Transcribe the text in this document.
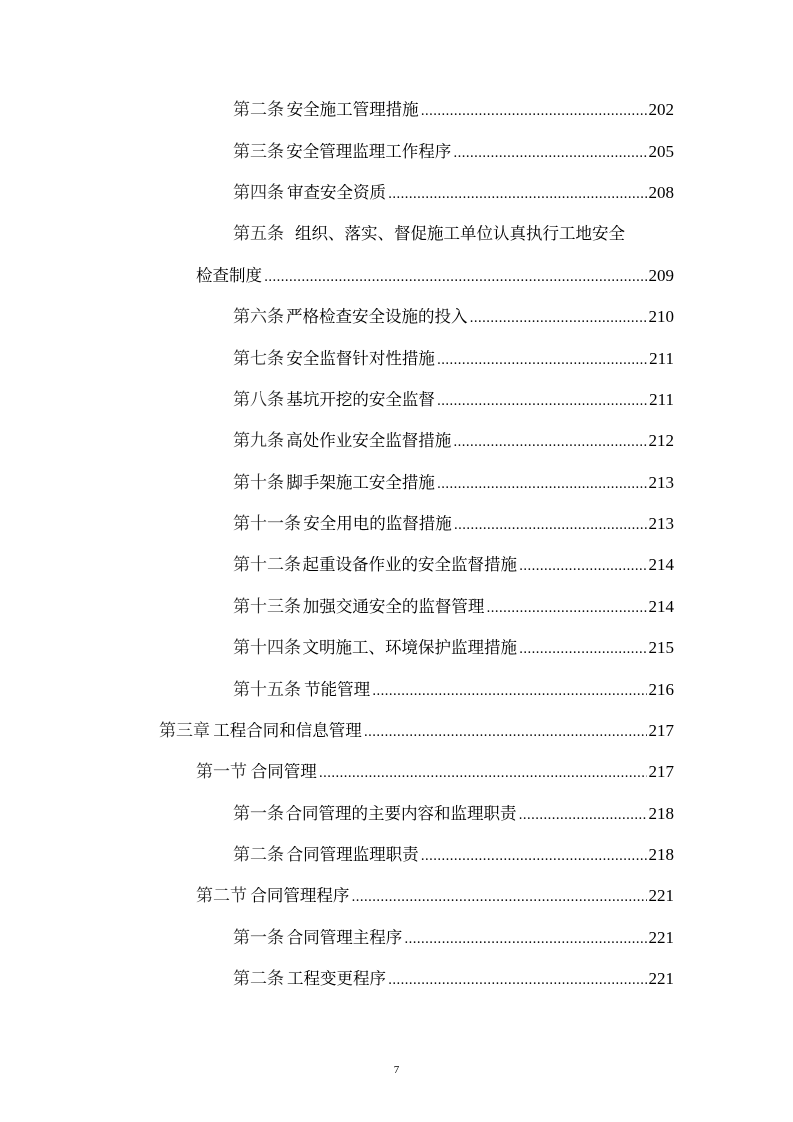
第二条 安全施工管理措施 .....	202
第三条 安全管理监理工作程序 .....	205
第四条 审查安全资质 .....	208
第五条 组织、落实、督促施工单位认真执行工地安全
检查制度 .....	209
第六条 严格检查安全设施的投入 .....	210
第七条 安全监督针对性措施 .....	211
第八条 基坑开挖的安全监督 .....	211
第九条 高处作业安全监督措施 .....	212
第十条 脚手架施工安全措施 .....	213
第十一条 安全用电的监督措施 .....	213
第十二条 起重设备作业的安全监督措施 .....	214
第十三条 加强交通安全的监督管理 .....	214
第十四条 文明施工、环境保护监理措施 .....	215
第十五条 节能管理 .....	216
第三章 工程合同和信息管理 .....	217
第一节 合同管理 .....	217
第一条 合同管理的主要内容和监理职责 .....	218
第二条 合同管理监理职责 .....	218
第二节 合同管理程序 .....	221
第一条 合同管理主程序 .....	221
第二条 工程变更程序 .....	221
7
